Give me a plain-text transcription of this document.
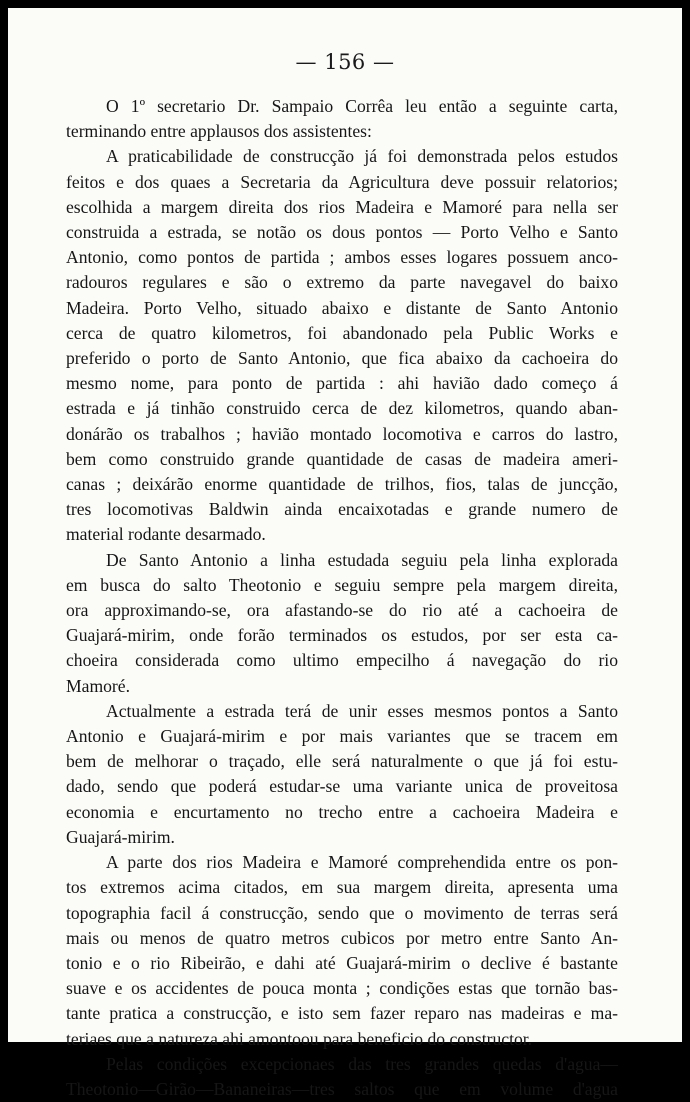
— 156 —

O 1º secretario Dr. Sampaio Corrêa leu então a seguinte carta,
terminando entre applausos dos assistentes:

A praticabilidade de construcção já foi demonstrada pelos estudos
feitos e dos quaes a Secretaria da Agricultura deve possuir relatorios;
escolhida a margem direita dos rios Madeira e Mamoré para nella ser
construida a estrada, se notão os dous pontos — Porto Velho e Santo
Antonio, como pontos de partida ; ambos esses logares possuem anco-
radouros regulares e são o extremo da parte navegavel do baixo
Madeira. Porto Velho, situado abaixo e distante de Santo Antonio
cerca de quatro kilometros, foi abandonado pela Public Works e
preferido o porto de Santo Antonio, que fica abaixo da cachoeira do
mesmo nome, para ponto de partida : ahi havião dado começo á
estrada e já tinhão construido cerca de dez kilometros, quando aban-
donárão os trabalhos ; havião montado locomotiva e carros do lastro,
bem como construido grande quantidade de casas de madeira ameri-
canas ; deixárão enorme quantidade de trilhos, fios, talas de juncção,
tres locomotivas Baldwin ainda encaixotadas e grande numero de
material rodante desarmado.

De Santo Antonio a linha estudada seguiu pela linha explorada
em busca do salto Theotonio e seguiu sempre pela margem direita,
ora approximando-se, ora afastando-se do rio até a cachoeira de
Guajará-mirim, onde forão terminados os estudos, por ser esta ca-
choeira considerada como ultimo empecilho á navegação do rio
Mamoré.

Actualmente a estrada terá de unir esses mesmos pontos a Santo
Antonio e Guajará-mirim e por mais variantes que se tracem em
bem de melhorar o traçado, elle será naturalmente o que já foi estu-
dado, sendo que poderá estudar-se uma variante unica de proveitosa
economia e encurtamento no trecho entre a cachoeira Madeira e
Guajará-mirim.

A parte dos rios Madeira e Mamoré comprehendida entre os pon-
tos extremos acima citados, em sua margem direita, apresenta uma
topographia facil á construcção, sendo que o movimento de terras será
mais ou menos de quatro metros cubicos por metro entre Santo An-
tonio e o rio Ribeirão, e dahi até Guajará-mirim o declive é bastante
suave e os accidentes de pouca monta ; condições estas que tornão bas-
tante pratica a construcção, e isto sem fazer reparo nas madeiras e ma-
teriaes que a natureza ahi amontoou para beneficio do constructor.

Pelas condições excepcionaes das tres grandes quedas d'agua—
Theotonio—Girão—Bananeiras—tres saltos que em volume d'agua
